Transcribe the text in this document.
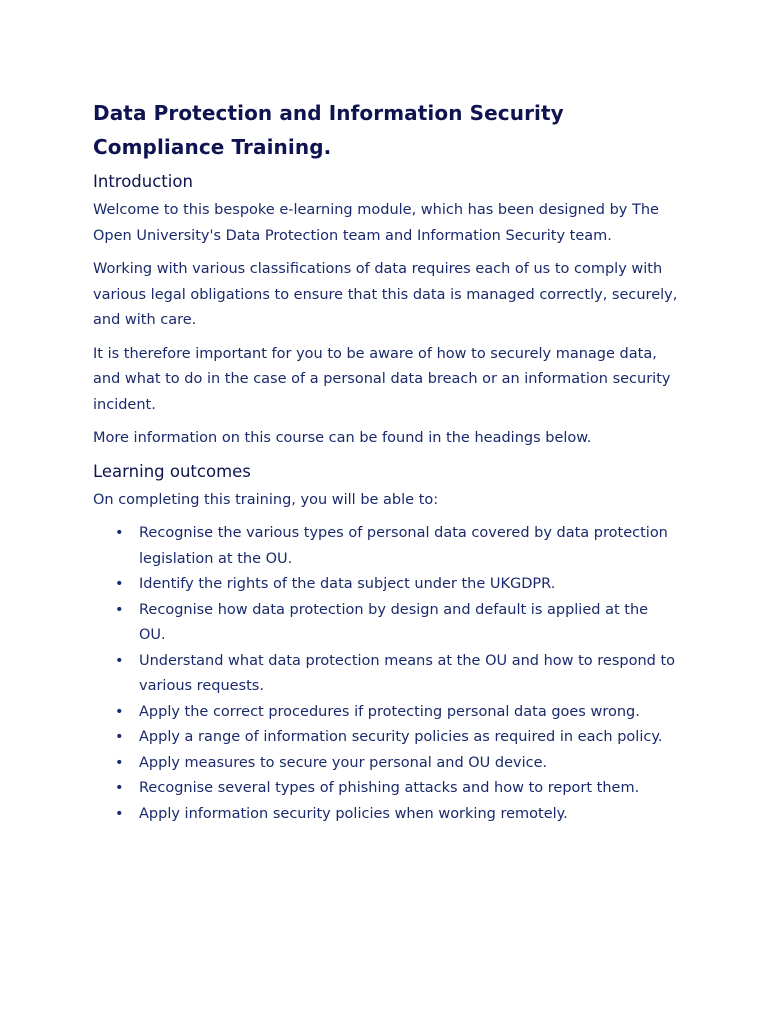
Data Protection and Information Security
Compliance Training.
Introduction

Welcome to this bespoke e-learning module, which has been designed by The Open University's Data Protection team and Information Security team.

Working with various classifications of data requires each of us to comply with various legal obligations to ensure that this data is managed correctly, securely, and with care.

It is therefore important for you to be aware of how to securely manage data, and what to do in the case of a personal data breach or an information security incident.

More information on this course can be found in the headings below.

Learning outcomes

On completing this training, you will be able to:

• Recognise the various types of personal data covered by data protection legislation at the OU.
• Identify the rights of the data subject under the UKGDPR.
• Recognise how data protection by design and default is applied at the OU.
• Understand what data protection means at the OU and how to respond to various requests.
• Apply the correct procedures if protecting personal data goes wrong.
• Apply a range of information security policies as required in each policy.
• Apply measures to secure your personal and OU device.
• Recognise several types of phishing attacks and how to report them.
• Apply information security policies when working remotely.
